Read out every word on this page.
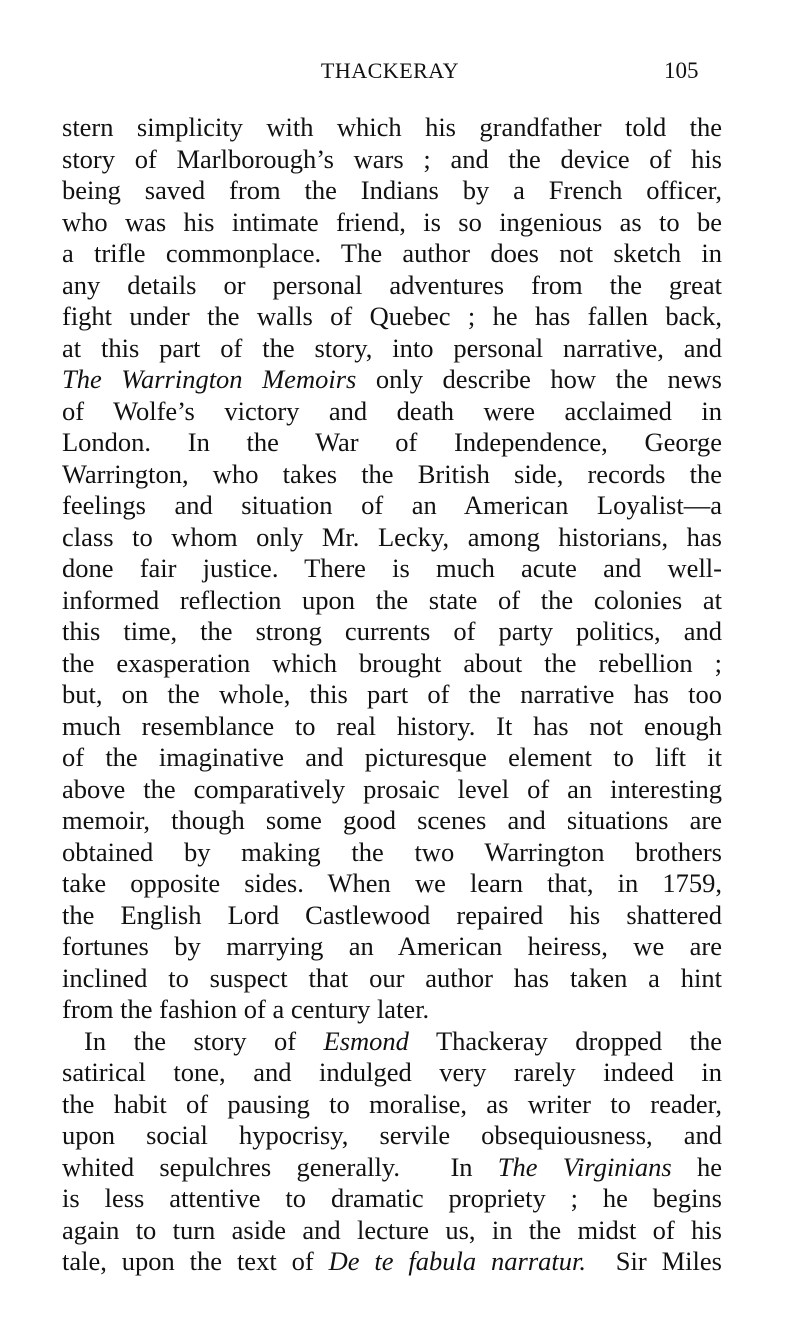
THACKERAY	105
stern simplicity with which his grandfather told the
story of Marlborough’s wars ; and the device of his
being saved from the Indians by a French officer,
who was his intimate friend, is so ingenious as to be
a trifle commonplace. The author does not sketch in
any details or personal adventures from the great
fight under the walls of Quebec ; he has fallen back,
at this part of the story, into personal narrative, and
The Warrington Memoirs only describe how the news
of Wolfe’s victory and death were acclaimed in
London. In the War of Independence, George
Warrington, who takes the British side, records the
feelings and situation of an American Loyalist—a
class to whom only Mr. Lecky, among historians, has
done fair justice. There is much acute and well-
informed reflection upon the state of the colonies at
this time, the strong currents of party politics, and
the exasperation which brought about the rebellion ;
but, on the whole, this part of the narrative has too
much resemblance to real history. It has not enough
of the imaginative and picturesque element to lift it
above the comparatively prosaic level of an interesting
memoir, though some good scenes and situations are
obtained by making the two Warrington brothers
take opposite sides. When we learn that, in 1759,
the English Lord Castlewood repaired his shattered
fortunes by marrying an American heiress, we are
inclined to suspect that our author has taken a hint
from the fashion of a century later.
In the story of Esmond Thackeray dropped the
satirical tone, and indulged very rarely indeed in
the habit of pausing to moralise, as writer to reader,
upon social hypocrisy, servile obsequiousness, and
whited sepulchres generally.  In The Virginians he
is less attentive to dramatic propriety ; he begins
again to turn aside and lecture us, in the midst of his
tale, upon the text of De te fabula narratur.  Sir Miles
